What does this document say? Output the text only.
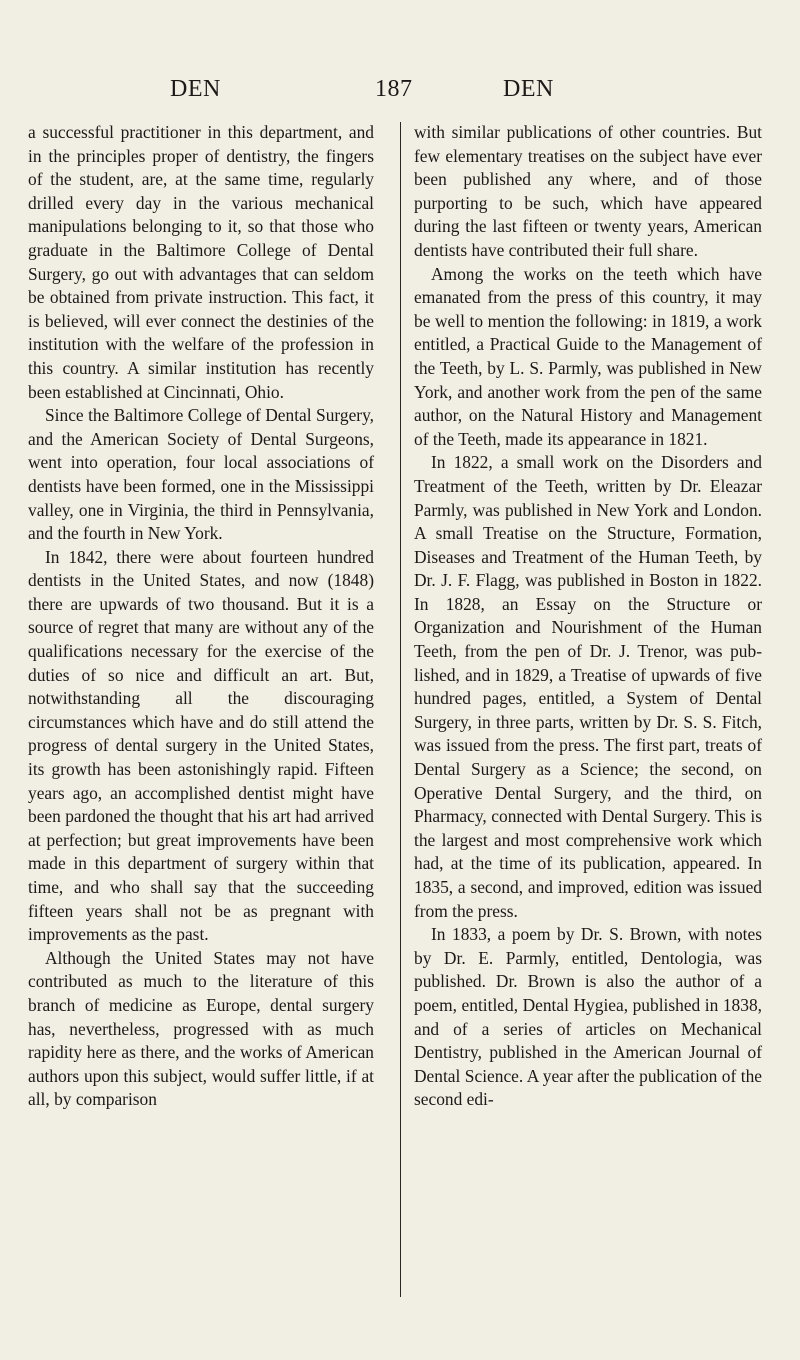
DEN	187	DEN

a successful practitioner in this department, and in the principles proper of dentistry, the fingers of the student, are, at the same time, regularly drilled every day in the various mechanical manipulations belonging to it, so that those who graduate in the Baltimore College of Dental Surgery, go out with advantages that can seldom be obtained from private instruction. This fact, it is believed, will ever connect the destinies of the institution with the welfare of the profession in this country. A similar institution has recently been established at Cincinnati, Ohio.

Since the Baltimore College of Dental Surgery, and the American Society of Dental Surgeons, went into operation, four local associations of dentists have been formed, one in the Mississippi valley, one in Virginia, the third in Pennsylvania, and the fourth in New York.

In 1842, there were about fourteen hundred dentists in the United States, and now (1848) there are upwards of two thousand. But it is a source of regret that many are without any of the qualifications necessary for the exercise of the duties of so nice and difficult an art. But, notwithstanding all the discouraging circumstances which have and do still attend the progress of dental surgery in the United States, its growth has been astonishingly rapid. Fifteen years ago, an accomplished dentist might have been pardoned the thought that his art had arrived at perfection; but great improvements have been made in this department of surgery within that time, and who shall say that the succeeding fifteen years shall not be as pregnant with improvements as the past.

Although the United States may not have contributed as much to the literature of this branch of medicine as Europe, dental surgery has, nevertheless, progressed with as much rapidity here as there, and the works of American authors upon this subject, would suffer little, if at all, by comparison

with similar publications of other countries. But few elementary treatises on the subject have ever been published any where, and of those purporting to be such, which have appeared during the last fifteen or twenty years, American dentists have contributed their full share.

Among the works on the teeth which have emanated from the press of this country, it may be well to mention the following: in 1819, a work entitled, a Practical Guide to the Management of the Teeth, by L. S. Parmly, was published in New York, and another work from the pen of the same author, on the Natural History and Management of the Teeth, made its appearance in 1821.

In 1822, a small work on the Disorders and Treatment of the Teeth, written by Dr. Eleazar Parmly, was published in New York and London. A small Treatise on the Structure, Formation, Diseases and Treatment of the Human Teeth, by Dr. J. F. Flagg, was published in Boston in 1822. In 1828, an Essay on the Structure or Organization and Nourishment of the Human Teeth, from the pen of Dr. J. Trenor, was published, and in 1829, a Treatise of upwards of five hundred pages, entitled, a System of Dental Surgery, in three parts, written by Dr. S. S. Fitch, was issued from the press. The first part, treats of Dental Surgery as a Science; the second, on Operative Dental Surgery, and the third, on Pharmacy, connected with Dental Surgery. This is the largest and most comprehensive work which had, at the time of its publication, appeared. In 1835, a second, and improved, edition was issued from the press.

In 1833, a poem by Dr. S. Brown, with notes by Dr. E. Parmly, entitled, Dentologia, was published. Dr. Brown is also the author of a poem, entitled, Dental Hygiea, published in 1838, and of a series of articles on Mechanical Dentistry, published in the American Journal of Dental Science. A year after the publication of the second edi-
